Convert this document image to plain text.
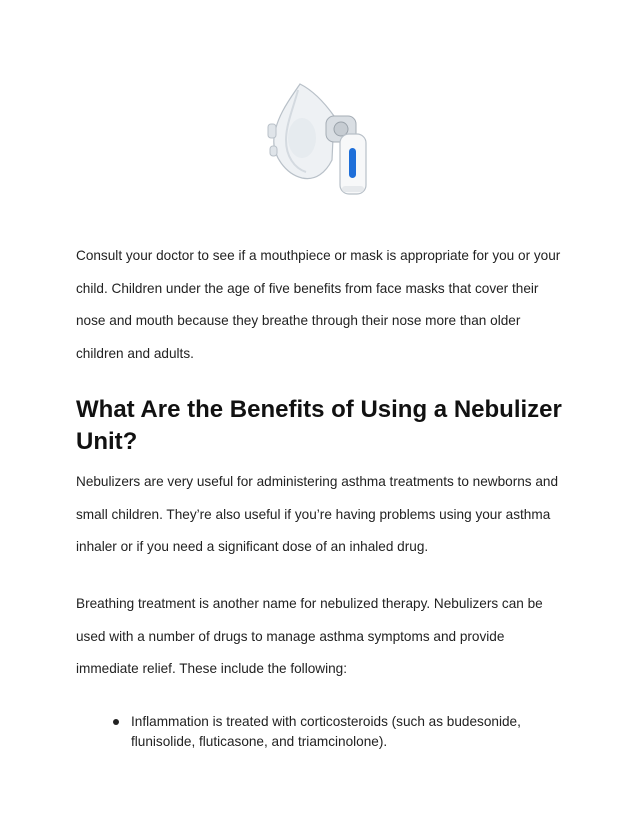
Consult your doctor to see if a mouthpiece or mask is appropriate for you or your child. Children under the age of five benefits from face masks that cover their nose and mouth because they breathe through their nose more than older children and adults.

What Are the Benefits of Using a Nebulizer Unit?

Nebulizers are very useful for administering asthma treatments to newborns and small children. They’re also useful if you’re having problems using your asthma inhaler or if you need a significant dose of an inhaled drug.

Breathing treatment is another name for nebulized therapy. Nebulizers can be used with a number of drugs to manage asthma symptoms and provide immediate relief. These include the following:

Inflammation is treated with corticosteroids (such as budesonide, flunisolide, fluticasone, and triamcinolone).
